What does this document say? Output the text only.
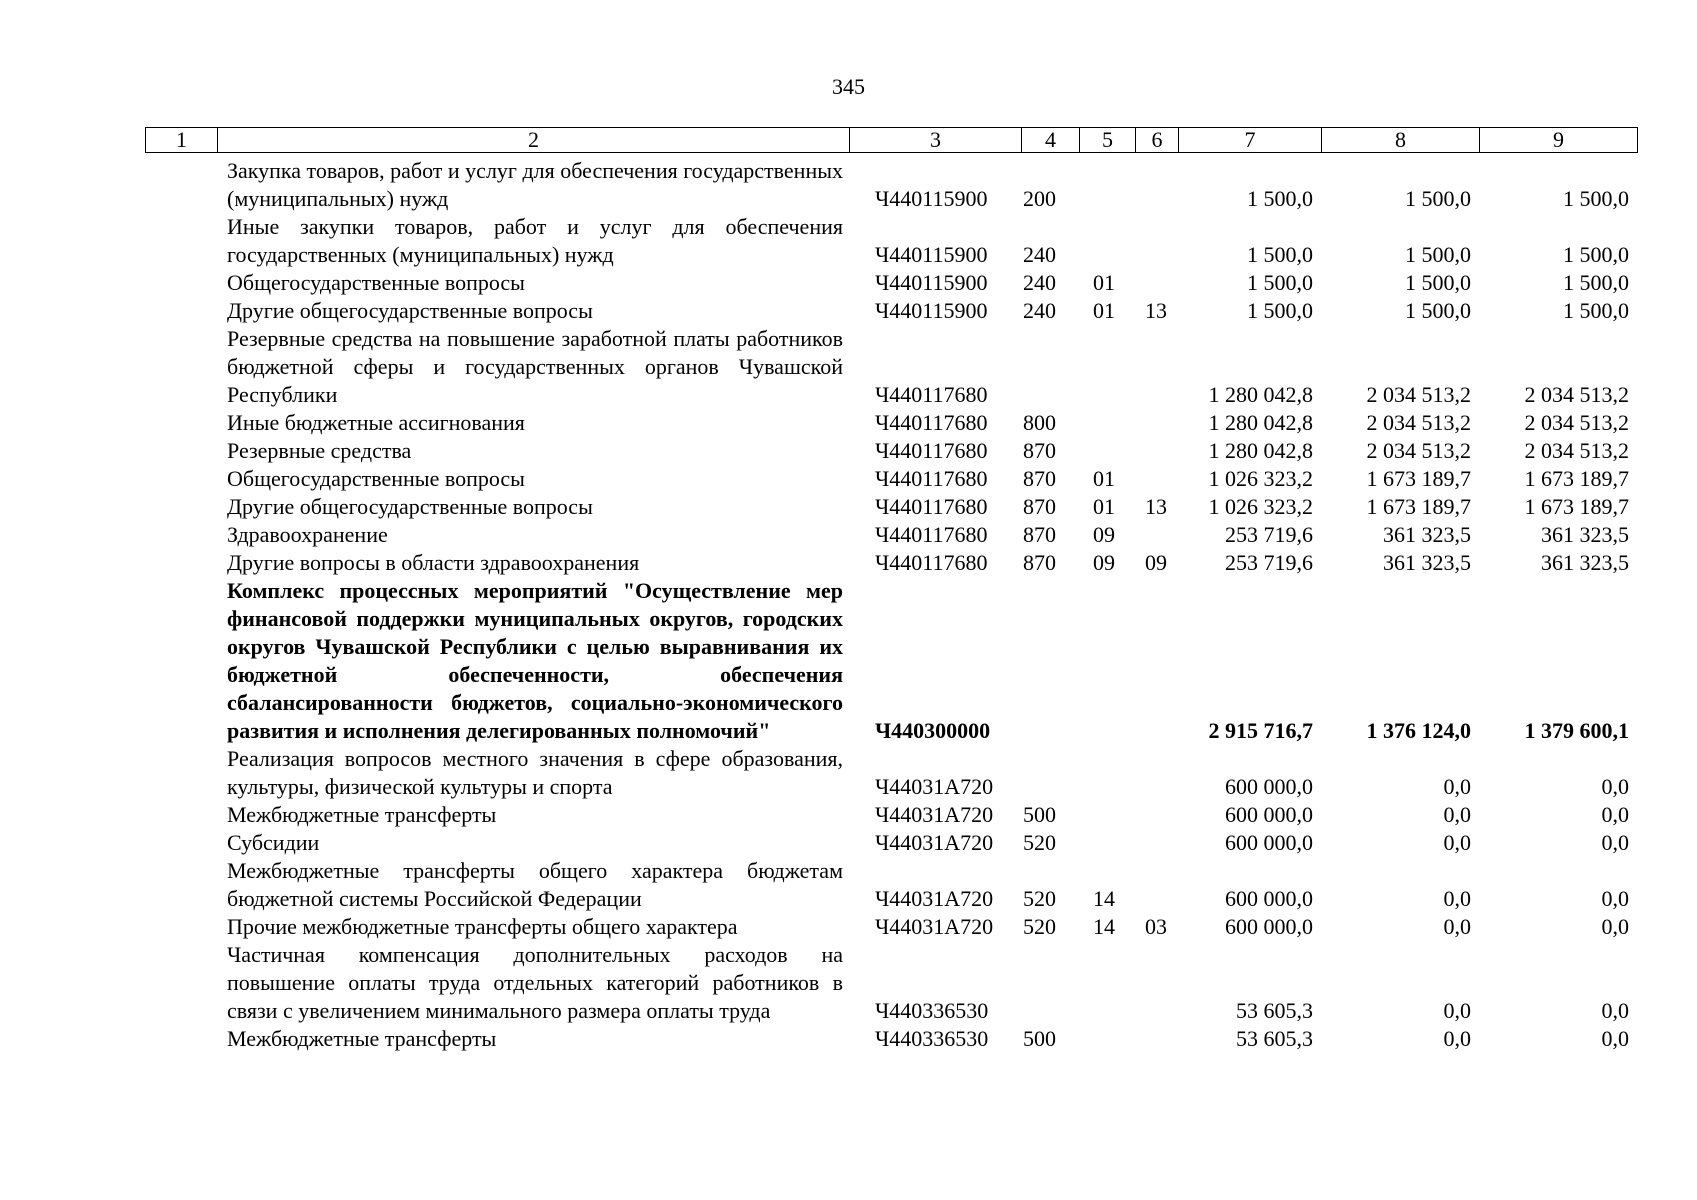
345
1	2	3	4	5	6	7	8	9
	Закупка товаров, работ и услуг для обеспечения государственных (муниципальных) нужд	Ч440115900	200			1 500,0	1 500,0	1 500,0
	Иные закупки товаров, работ и услуг для обеспечения государственных (муниципальных) нужд	Ч440115900	240			1 500,0	1 500,0	1 500,0
	Общегосударственные вопросы	Ч440115900	240	01		1 500,0	1 500,0	1 500,0
	Другие общегосударственные вопросы	Ч440115900	240	01	13	1 500,0	1 500,0	1 500,0
	Резервные средства на повышение заработной платы работников бюджетной сферы и государственных органов Чувашской Республики	Ч440117680				1 280 042,8	2 034 513,2	2 034 513,2
	Иные бюджетные ассигнования	Ч440117680	800			1 280 042,8	2 034 513,2	2 034 513,2
	Резервные средства	Ч440117680	870			1 280 042,8	2 034 513,2	2 034 513,2
	Общегосударственные вопросы	Ч440117680	870	01		1 026 323,2	1 673 189,7	1 673 189,7
	Другие общегосударственные вопросы	Ч440117680	870	01	13	1 026 323,2	1 673 189,7	1 673 189,7
	Здравоохранение	Ч440117680	870	09		253 719,6	361 323,5	361 323,5
	Другие вопросы в области здравоохранения	Ч440117680	870	09	09	253 719,6	361 323,5	361 323,5
	Комплекс процессных мероприятий "Осуществление мер финансовой поддержки муниципальных округов, городских округов Чувашской Республики с целью выравнивания их бюджетной обеспеченности, обеспечения сбалансированности бюджетов, социально-экономического развития и исполнения делегированных полномочий"	Ч440300000				2 915 716,7	1 376 124,0	1 379 600,1
	Реализация вопросов местного значения в сфере образования, культуры, физической культуры и спорта	Ч44031А720				600 000,0	0,0	0,0
	Межбюджетные трансферты	Ч44031А720	500			600 000,0	0,0	0,0
	Субсидии	Ч44031А720	520			600 000,0	0,0	0,0
	Межбюджетные трансферты общего характера бюджетам бюджетной системы Российской Федерации	Ч44031А720	520	14		600 000,0	0,0	0,0
	Прочие межбюджетные трансферты общего характера	Ч44031А720	520	14	03	600 000,0	0,0	0,0
	Частичная компенсация дополнительных расходов на повышение оплаты труда отдельных категорий работников в связи с увеличением минимального размера оплаты труда	Ч440336530				53 605,3	0,0	0,0
	Межбюджетные трансферты	Ч440336530	500			53 605,3	0,0	0,0
